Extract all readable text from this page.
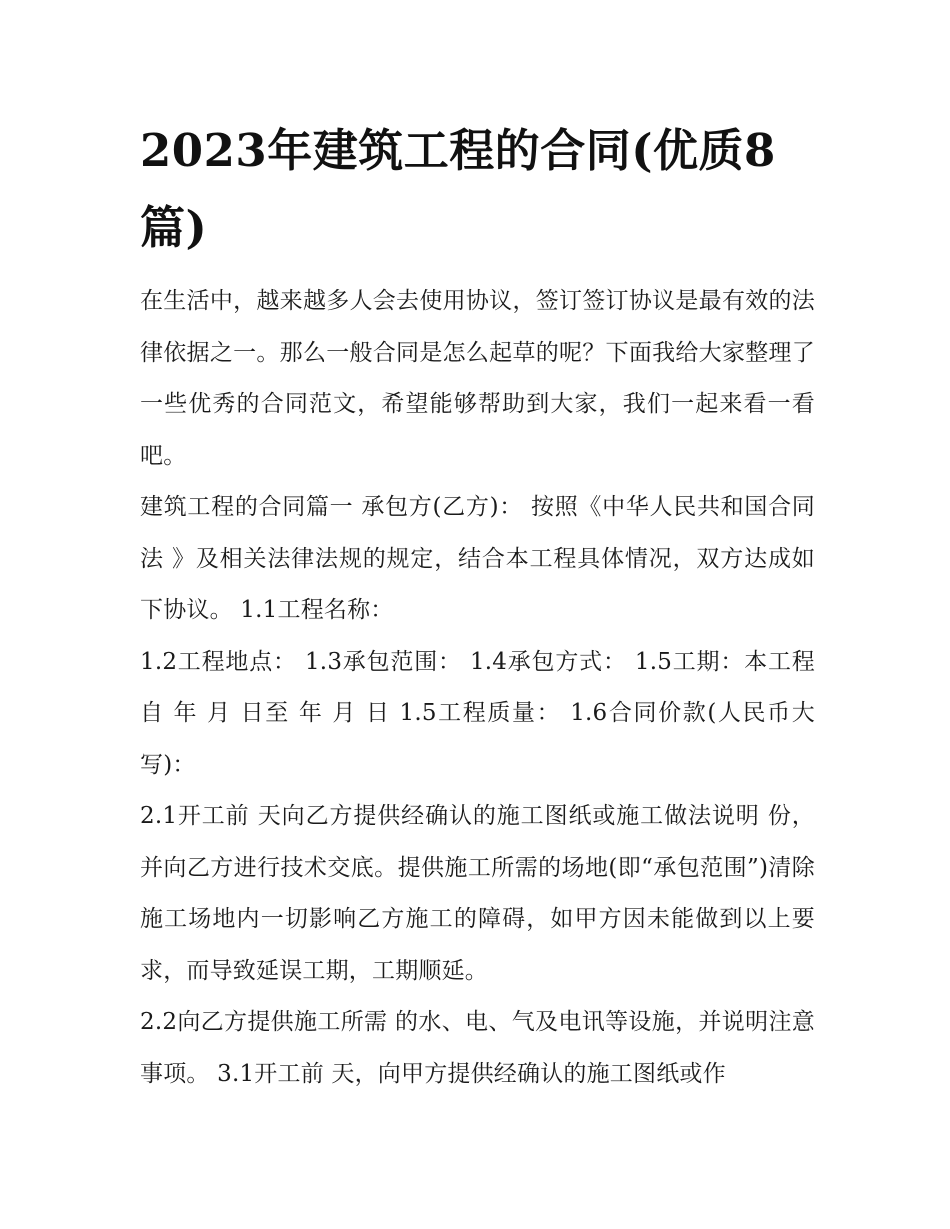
2023年建筑工程的合同(优质8篇)

在生活中，越来越多人会去使用协议，签订签订协议是最有效的法律依据之一。那么一般合同是怎么起草的呢？下面我给大家整理了一些优秀的合同范文，希望能够帮助到大家，我们一起来看一看吧。

建筑工程的合同篇一 承包方(乙方)： 按照《中华人民共和国合同法 》及相关法律法规的规定，结合本工程具体情况，双方达成如下协议。 1.1工程名称：

1.2工程地点： 1.3承包范围： 1.4承包方式： 1.5工期：本工程自 年 月 日至 年 月 日 1.5工程质量： 1.6合同价款(人民币大写)：

2.1开工前 天向乙方提供经确认的施工图纸或施工做法说明 份，并向乙方进行技术交底。提供施工所需的场地(即“承包范围”)清除施工场地内一切影响乙方施工的障碍，如甲方因未能做到以上要求，而导致延误工期，工期顺延。

2.2向乙方提供施工所需 的水、电、气及电讯等设施，并说明注意事项。 3.1开工前 天，向甲方提供经确认的施工图纸或作
